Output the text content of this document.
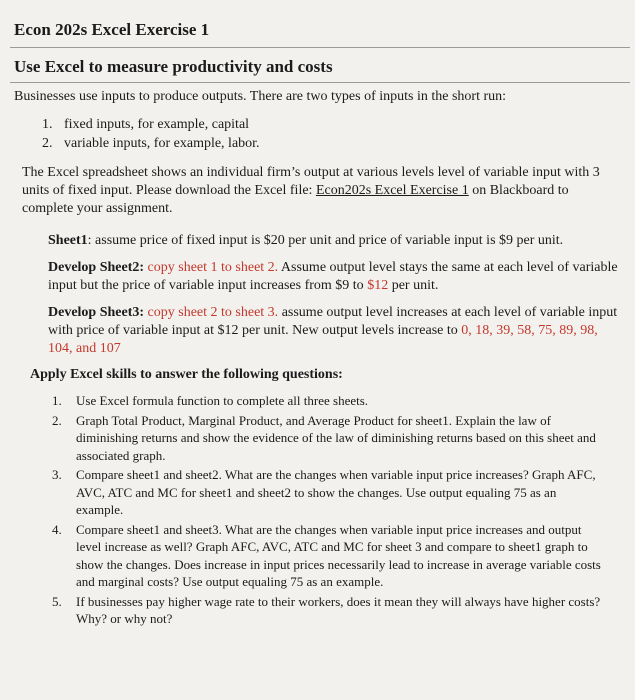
Econ 202s Excel Exercise 1
Use Excel to measure productivity and costs
Businesses use inputs to produce outputs. There are two types of inputs in the short run:
1. fixed inputs, for example, capital
2. variable inputs, for example, labor.
The Excel spreadsheet shows an individual firm’s output at various levels level of variable input with 3 units of fixed input. Please download the Excel file: Econ202s Excel Exercise 1 on Blackboard to complete your assignment.
Sheet1: assume price of fixed input is $20 per unit and price of variable input is $9 per unit.
Develop Sheet2: copy sheet 1 to sheet 2. Assume output level stays the same at each level of variable input but the price of variable input increases from $9 to $12 per unit.
Develop Sheet3: copy sheet 2 to sheet 3. assume output level increases at each level of variable input with price of variable input at $12 per unit. New output levels increase to 0, 18, 39, 58, 75, 89, 98, 104, and 107
Apply Excel skills to answer the following questions:
1. Use Excel formula function to complete all three sheets.
2. Graph Total Product, Marginal Product, and Average Product for sheet1. Explain the law of diminishing returns and show the evidence of the law of diminishing returns based on this sheet and associated graph.
3. Compare sheet1 and sheet2. What are the changes when variable input price increases? Graph AFC, AVC, ATC and MC for sheet1 and sheet2 to show the changes. Use output equaling 75 as an example.
4. Compare sheet1 and sheet3. What are the changes when variable input price increases and output level increase as well? Graph AFC, AVC, ATC and MC for sheet 3 and compare to sheet1 graph to show the changes. Does increase in input prices necessarily lead to increase in average variable costs and marginal costs? Use output equaling 75 as an example.
5. If businesses pay higher wage rate to their workers, does it mean they will always have higher costs? Why? or why not?
